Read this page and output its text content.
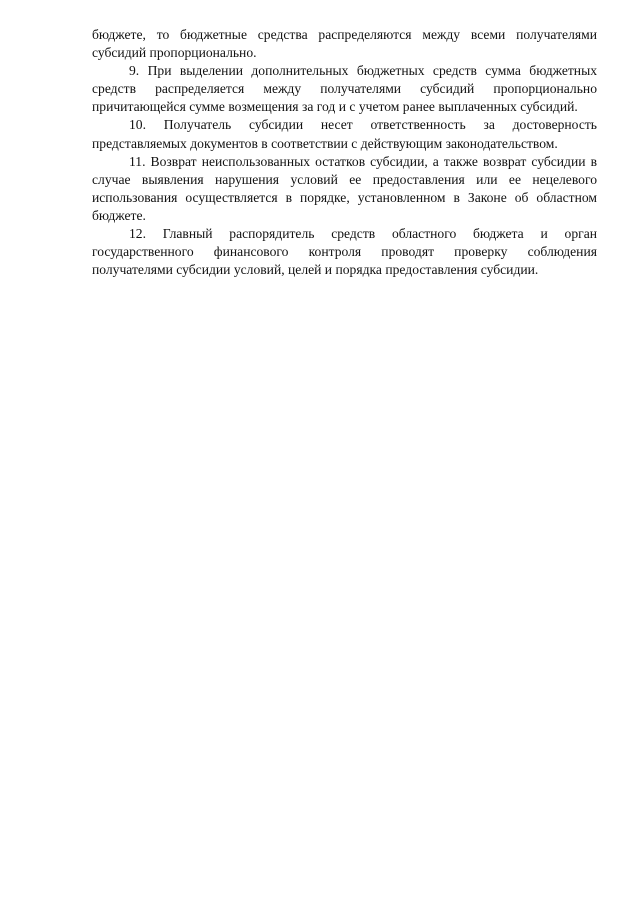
бюджете, то бюджетные средства распределяются между всеми получателями субсидий пропорционально.

9. При выделении дополнительных бюджетных средств сумма бюджетных средств распределяется между получателями субсидий пропорционально причитающейся сумме возмещения за год и с учетом ранее выплаченных субсидий.

10. Получатель субсидии несет ответственность за достоверность представляемых документов в соответствии с действующим законодательством.

11. Возврат неиспользованных остатков субсидии, а также возврат субсидии в случае выявления нарушения условий ее предоставления или ее нецелевого использования осуществляется в порядке, установленном в Законе об областном бюджете.

12. Главный распорядитель средств областного бюджета и орган государственного финансового контроля проводят проверку соблюдения получателями субсидии условий, целей и порядка предоставления субсидии.
